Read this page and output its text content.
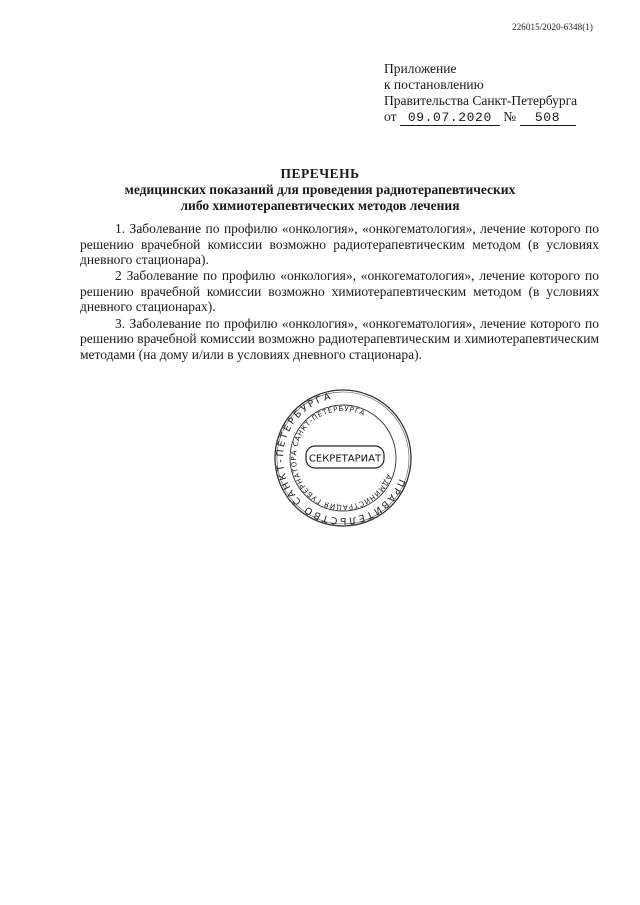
226015/2020-6348(1)
Приложение
к постановлению
Правительства Санкт-Петербурга
от 09.07.2020 № 508
ПЕРЕЧЕНЬ
медицинских показаний для проведения радиотерапевтических
либо химиотерапевтических методов лечения

1. Заболевание по профилю «онкология», «онкогематология», лечение которого по решению врачебной комиссии возможно радиотерапевтическим методом (в условиях дневного стационара).

2 Заболевание по профилю «онкология», «онкогематология», лечение которого по решению врачебной комиссии возможно химиотерапевтическим методом (в условиях дневного стационарах).

3. Заболевание по профилю «онкология», «онкогематология», лечение которого по решению врачебной комиссии возможно радиотерапевтическим и химиотерапевтическим методами (на дому и/или в условиях дневного стационара).

ПРАВИТЕЛЬСТВО САНКТ-ПЕТЕРБУРГА
АДМИНИСТРАЦИЯ ГУБЕРНАТОРА САНКТ-ПЕТЕРБУРГА
СЕКРЕТАРИАТ
